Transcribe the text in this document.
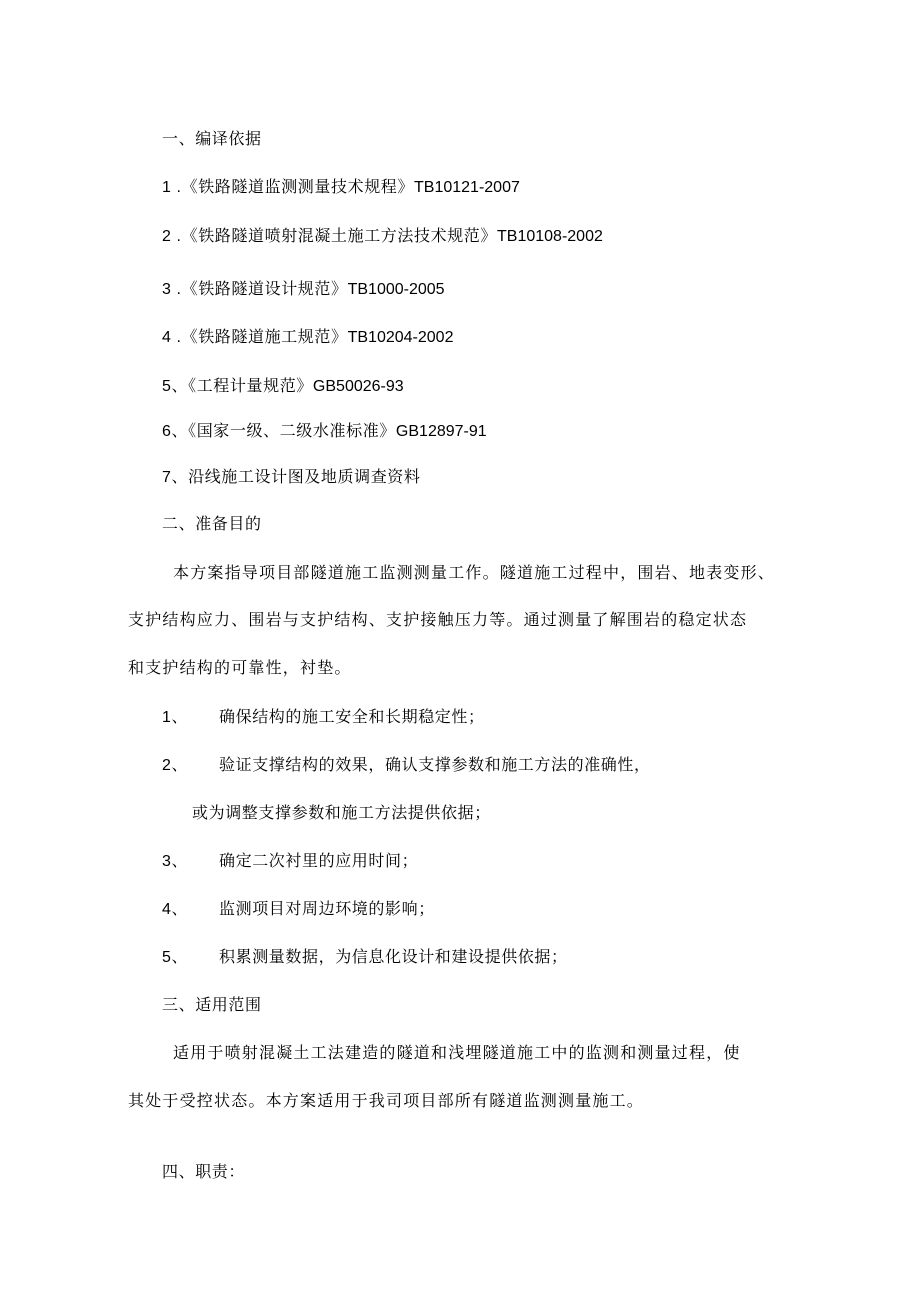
一、编译依据
1 .《铁路隧道监测测量技术规程》TB10121-2007
2 .《铁路隧道喷射混凝土施工方法技术规范》TB10108-2002
3 .《铁路隧道设计规范》TB1000-2005
4 .《铁路隧道施工规范》TB10204-2002
5、《工程计量规范》GB50026-93
6、《国家一级、二级水准标准》GB12897-91
7、沿线施工设计图及地质调查资料
二、准备目的
本方案指导项目部隧道施工监测测量工作。隧道施工过程中，围岩、地表变形、
支护结构应力、围岩与支护结构、支护接触压力等。通过测量了解围岩的稳定状态
和支护结构的可靠性，衬垫。
1、 确保结构的施工安全和长期稳定性；
2、 验证支撑结构的效果，确认支撑参数和施工方法的准确性，
或为调整支撑参数和施工方法提供依据；
3、 确定二次衬里的应用时间；
4、 监测项目对周边环境的影响；
5、 积累测量数据，为信息化设计和建设提供依据；
三、适用范围
适用于喷射混凝土工法建造的隧道和浅埋隧道施工中的监测和测量过程，使
其处于受控状态。本方案适用于我司项目部所有隧道监测测量施工。
四、职责：
